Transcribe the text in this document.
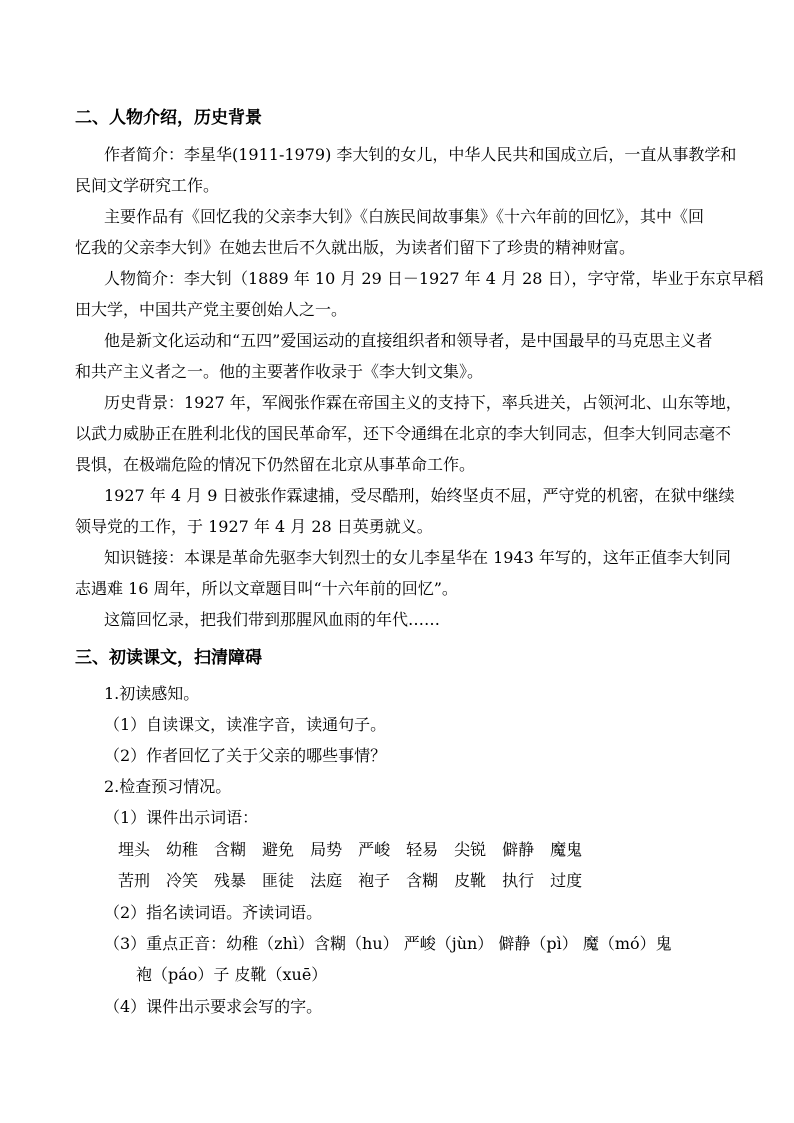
二、人物介绍，历史背景
作者简介：李星华(1911-1979) 李大钊的女儿，中华人民共和国成立后，一直从事教学和
民间文学研究工作。
主要作品有《回忆我的父亲李大钊》《白族民间故事集》《十六年前的回忆》，其中《回
忆我的父亲李大钊》在她去世后不久就出版，为读者们留下了珍贵的精神财富。
人物简介：李大钊（1889 年 10 月 29 日－1927 年 4 月 28 日），字守常，毕业于东京早稻
田大学，中国共产党主要创始人之一。
他是新文化运动和“五四”爱国运动的直接组织者和领导者，是中国最早的马克思主义者
和共产主义者之一。他的主要著作收录于《李大钊文集》。
历史背景：1927 年，军阀张作霖在帝国主义的支持下，率兵进关，占领河北、山东等地，
以武力威胁正在胜利北伐的国民革命军，还下令通缉在北京的李大钊同志，但李大钊同志毫不
畏惧，在极端危险的情况下仍然留在北京从事革命工作。
1927 年 4 月 9 日被张作霖逮捕，受尽酷刑，始终坚贞不屈，严守党的机密，在狱中继续
领导党的工作，于 1927 年 4 月 28 日英勇就义。
知识链接：本课是革命先驱李大钊烈士的女儿李星华在 1943 年写的，这年正值李大钊同
志遇难 16 周年，所以文章题目叫“十六年前的回忆”。
这篇回忆录，把我们带到那腥风血雨的年代……
三、初读课文，扫清障碍
1.初读感知。
（1）自读课文，读准字音，读通句子。
（2）作者回忆了关于父亲的哪些事情？
2.检查预习情况。
（1）课件出示词语：
埋头 幼稚 含糊 避免 局势 严峻 轻易 尖锐 僻静 魔鬼
苦刑 冷笑 残暴 匪徒 法庭 袍子 含糊 皮靴 执行 过度
（2）指名读词语。齐读词语。
（3）重点正音：幼稚（zhì）含糊（hu） 严峻（jùn） 僻静（pì） 魔（mó）鬼
袍（páo）子 皮靴（xuē）
（4）课件出示要求会写的字。
